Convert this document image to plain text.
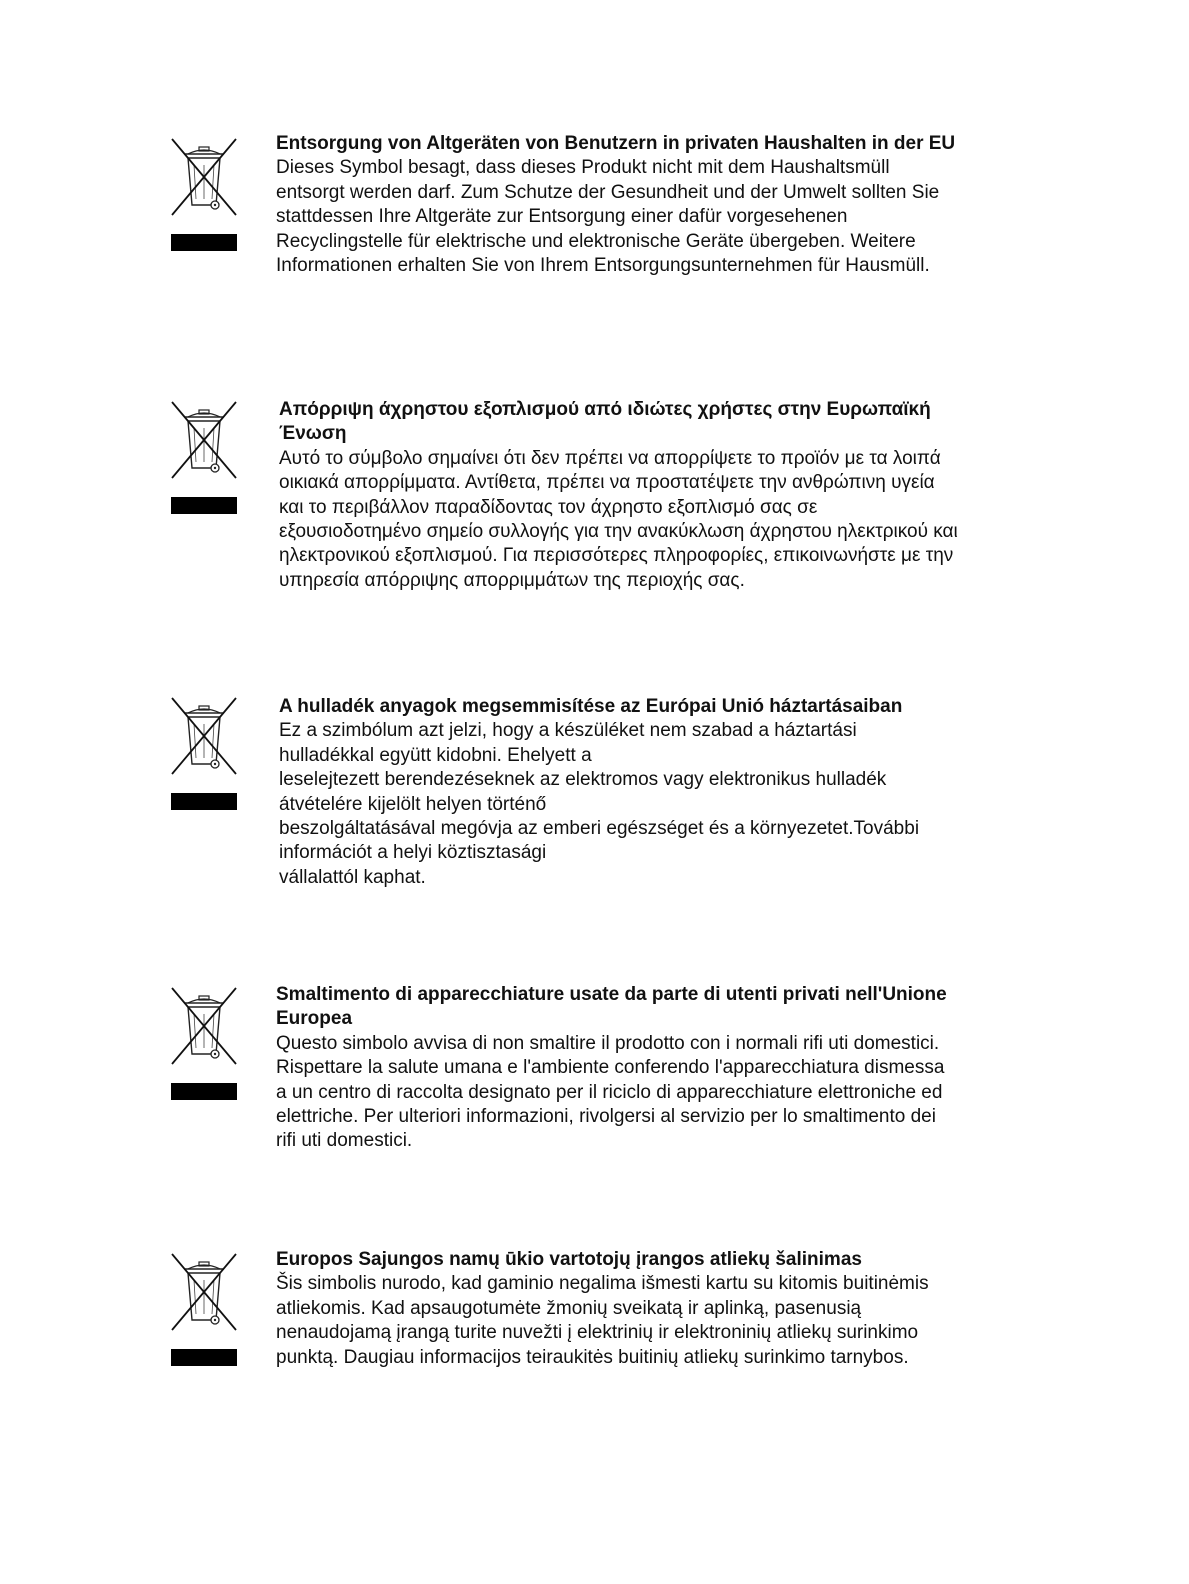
Entsorgung von Altgeräten von Benutzern in privaten Haushalten in der EU

Dieses Symbol besagt, dass dieses Produkt nicht mit dem Haushaltsmüll entsorgt werden darf. Zum Schutze der Gesundheit und der Umwelt sollten Sie stattdessen Ihre Altgeräte zur Entsorgung einer dafür vorgesehenen Recyclingstelle für elektrische und elektronische Geräte übergeben. Weitere Informationen erhalten Sie von Ihrem Entsorgungsunternehmen für Hausmüll.

Απόρριψη άχρηστου εξοπλισμού από ιδιώτες χρήστες στην Ευρωπαϊκή Ένωση

Αυτό το σύμβολο σημαίνει ότι δεν πρέπει να απορρίψετε το προϊόν με τα λοιπά οικιακά απορρίμματα. Αντίθετα, πρέπει να προστατέψετε την ανθρώπινη υγεία και το περιβάλλον παραδίδοντας τον άχρηστο εξοπλισμό σας σε εξουσιοδοτημένο σημείο συλλογής για την ανακύκλωση άχρηστου ηλεκτρικού και ηλεκτρονικού εξοπλισμού. Για περισσότερες πληροφορίες, επικοινωνήστε με την υπηρεσία απόρριψης απορριμμάτων της περιοχής σας.

A hulladék anyagok megsemmisítése az Európai Unió háztartásaiban

Ez a szimbólum azt jelzi, hogy a készüléket nem szabad a háztartási
hulladékkal együtt kidobni. Ehelyett a
leselejtezett berendezéseknek az elektromos vagy elektronikus hulladék
átvételére kijelölt helyen történő
beszolgáltatásával megóvja az emberi egészséget és a környezetet.További
információt a helyi köztisztasági
vállalattól kaphat.

Smaltimento di apparecchiature usate da parte di utenti privati nell'Unione Europea

Questo simbolo avvisa di non smaltire il prodotto con i normali rifi uti domestici. Rispettare la salute umana e l'ambiente conferendo l'apparecchiatura dismessa a un centro di raccolta designato per il riciclo di apparecchiature elettroniche ed elettriche. Per ulteriori informazioni, rivolgersi al servizio per lo smaltimento dei rifi uti domestici.

Europos Sajungos namų ūkio vartotojų įrangos atliekų šalinimas

Šis simbolis nurodo, kad gaminio negalima išmesti kartu su kitomis buitinėmis atliekomis. Kad apsaugotumėte žmonių sveikatą ir aplinką, pasenusią nenaudojamą įrangą turite nuvežti į elektrinių ir elektroninių atliekų surinkimo punktą. Daugiau informacijos teiraukitės buitinių atliekų surinkimo tarnybos.
